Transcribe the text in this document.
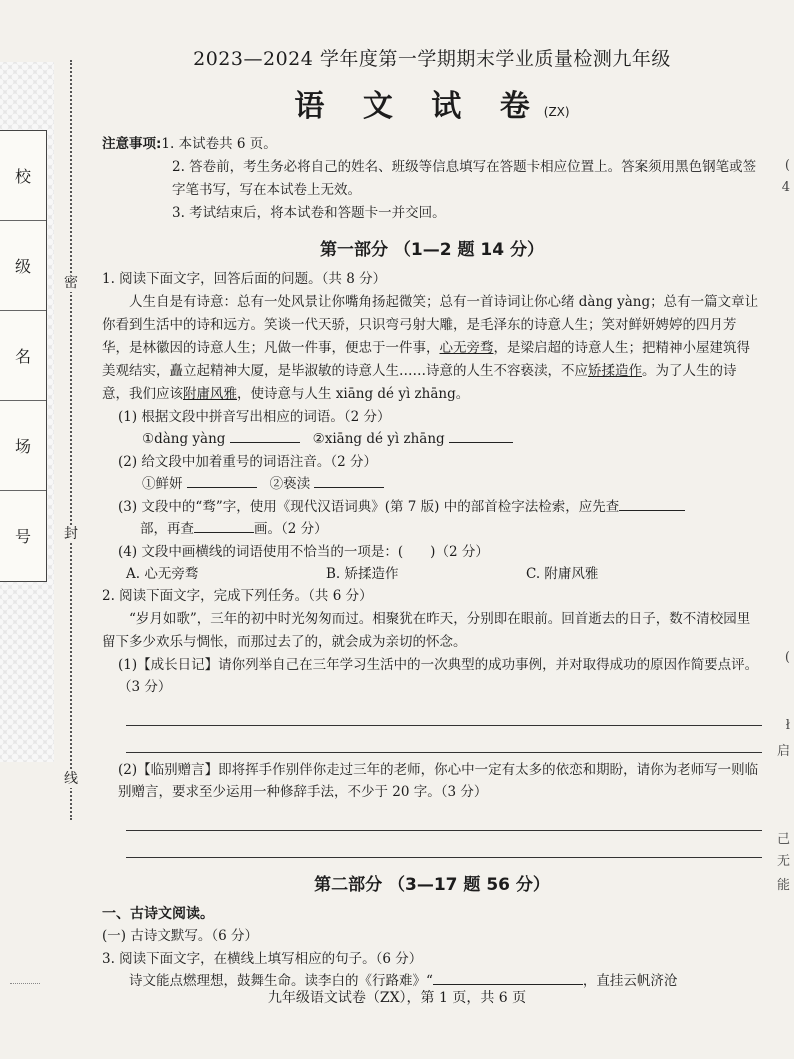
校
级
名
场
号
密
封
线
(
4
(
ł
启
己
无
能
2023—2024 学年度第一学期期末学业质量检测九年级
语 文 试 卷(ZX)
注意事项:1. 本试卷共 6 页。
2. 答卷前，考生务必将自己的姓名、班级等信息填写在答题卡相应位置上。答案须用黑色钢笔或签字笔书写，写在本试卷上无效。
3. 考试结束后，将本试卷和答题卡一并交回。
第一部分 （1—2 题 14 分）
1. 阅读下面文字，回答后面的问题。（共 8 分）
人生自是有诗意：总有一处风景让你嘴角扬起微笑；总有一首诗词让你心绪 dàng yàng；总有一篇文章让你看到生活中的诗和远方。笑谈一代天骄，只识弯弓射大雕，是毛泽东的诗意人生；笑对鲜妍娉婷的四月芳华，是林徽因的诗意人生；凡做一件事，便忠于一件事，心无旁骛，是梁启超的诗意人生；把精神小屋建筑得美观结实，矗立起精神大厦，是毕淑敏的诗意人生……诗意的人生不容亵渎，不应矫揉造作。为了人生的诗意，我们应该附庸风雅，使诗意与人生 xiāng dé yì zhāng。
(1) 根据文段中拼音写出相应的词语。（2 分）
①dàng yàng	②xiāng dé yì zhāng
(2) 给文段中加着重号的词语注音。（2 分）
①鲜妍	②亵渎
(3) 文段中的“骛”字，使用《现代汉语词典》(第 7 版) 中的部首检字法检索，应先查
部，再查	画。（2 分）
(4) 文段中画横线的词语使用不恰当的一项是：(　　)（2 分）
A. 心无旁骛	B. 矫揉造作	C. 附庸风雅
2. 阅读下面文字，完成下列任务。（共 6 分）
“岁月如歌”，三年的初中时光匆匆而过。相聚犹在昨天，分别即在眼前。回首逝去的日子，数不清校园里留下多少欢乐与惆怅，而那过去了的，就会成为亲切的怀念。
(1)【成长日记】请你列举自己在三年学习生活中的一次典型的成功事例，并对取得成功的原因作简要点评。（3 分）
(2)【临别赠言】即将挥手作别伴你走过三年的老师，你心中一定有太多的依恋和期盼，请你为老师写一则临别赠言，要求至少运用一种修辞手法，不少于 20 字。（3 分）
第二部分 （3—17 题 56 分）
一、古诗文阅读。
(一) 古诗文默写。（6 分）
3. 阅读下面文字，在横线上填写相应的句子。（6 分）
诗文能点燃理想，鼓舞生命。读李白的《行路难》“	，直挂云帆济沧
九年级语文试卷（ZX），第 1 页，共 6 页
